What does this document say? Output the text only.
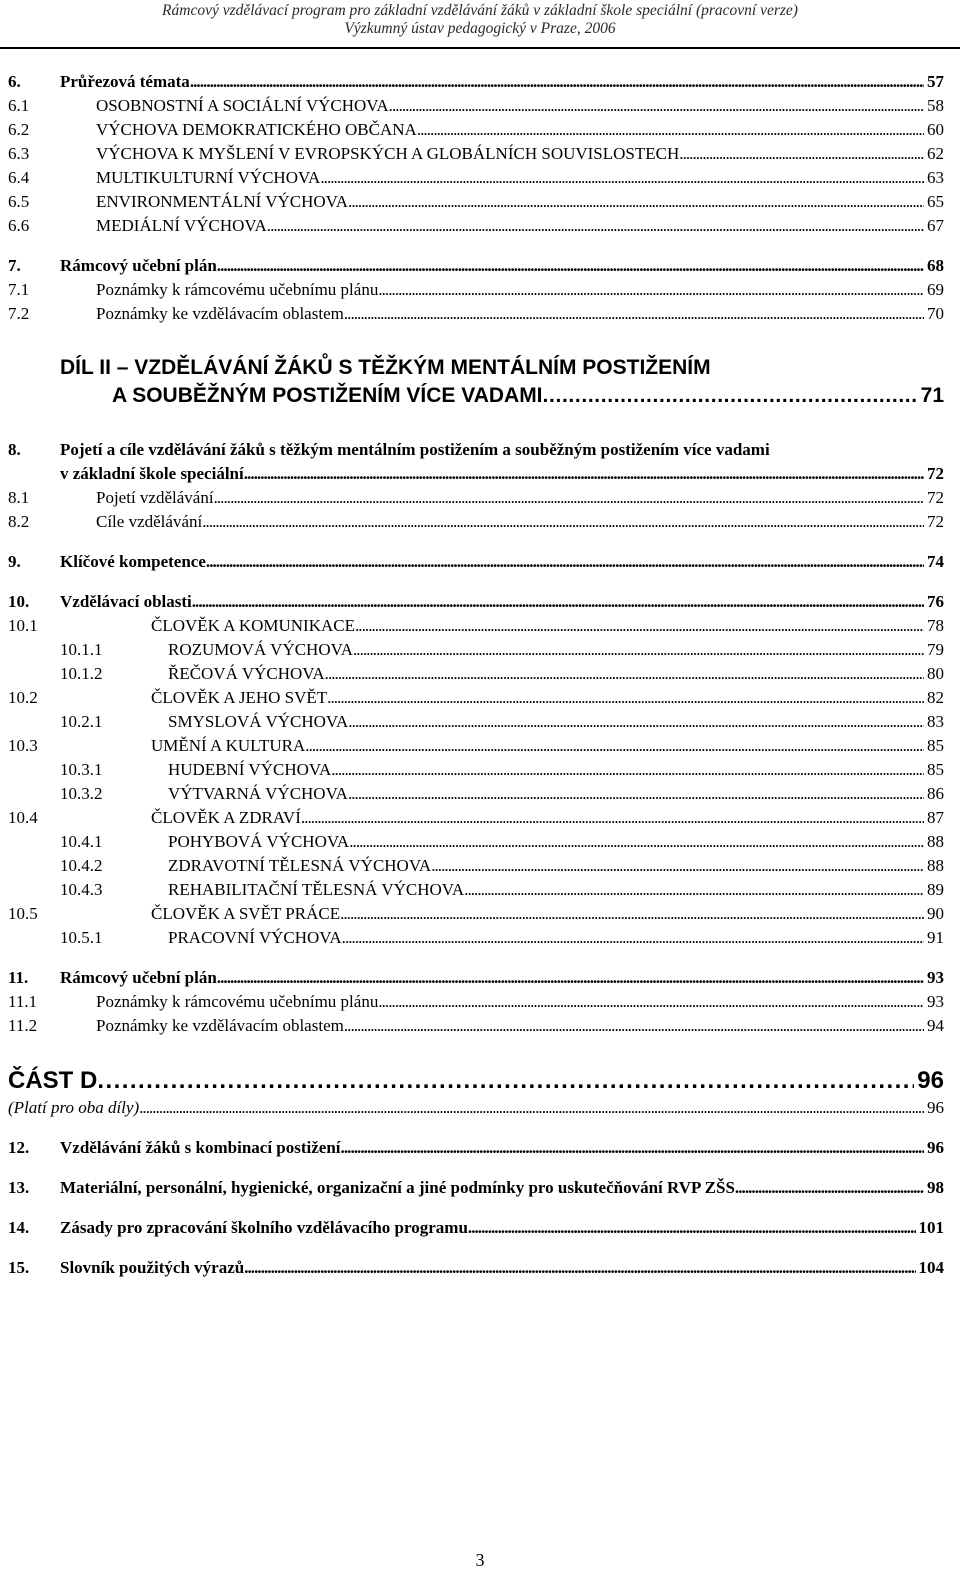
Rámcový vzdělávací program pro základní vzdělávání žáků v základní škole speciální (pracovní verze)
Výzkumný ústav pedagogický v Praze, 2006
6. Průřezová témata . . .	57
6.1	OSOBNOSTNÍ A SOCIÁLNÍ VÝCHOVA . . .	58
6.2	VÝCHOVA DEMOKRATICKÉHO OBČANA . . .	60
6.3	VÝCHOVA K MYŠLENÍ V EVROPSKÝCH A GLOBÁLNÍCH SOUVISLOSTECH . . .	62
6.4	MULTIKULTURNÍ VÝCHOVA . . .	63
6.5	ENVIRONMENTÁLNÍ VÝCHOVA . . .	65
6.6	MEDIÁLNÍ VÝCHOVA . . .	67
7. Rámcový učební plán . . .	68
7.1	Poznámky k rámcovému učebnímu plánu . . .	69
7.2	Poznámky ke vzdělávacím oblastem . . .	70
DÍL II – VZDĚLÁVÁNÍ ŽÁKŮ S TĚŽKÝM MENTÁLNÍM POSTIŽENÍM
A SOUBĚŽNÝM POSTIŽENÍM VÍCE VADAMI . . .	71
8. Pojetí a cíle vzdělávání žáků s těžkým mentálním postižením a souběžným postižením více vadami
v základní škole speciální . . .	72
8.1	Pojetí vzdělávání . . .	72
8.2	Cíle vzdělávání . . .	72
9. Klíčové kompetence . . .	74
10. Vzdělávací oblasti . . .	76
10.1	ČLOVĚK A KOMUNIKACE . . .	78
10.1.1	ROZUMOVÁ VÝCHOVA . . .	79
10.1.2	ŘEČOVÁ VÝCHOVA . . .	80
10.2	ČLOVĚK A JEHO SVĚT . . .	82
10.2.1	SMYSLOVÁ VÝCHOVA . . .	83
10.3	UMĚNÍ A KULTURA . . .	85
10.3.1	HUDEBNÍ VÝCHOVA . . .	85
10.3.2	VÝTVARNÁ VÝCHOVA . . .	86
10.4	ČLOVĚK A ZDRAVÍ . . .	87
10.4.1	POHYBOVÁ VÝCHOVA . . .	88
10.4.2	ZDRAVOTNÍ TĚLESNÁ VÝCHOVA . . .	88
10.4.3	REHABILITAČNÍ TĚLESNÁ VÝCHOVA . . .	89
10.5	ČLOVĚK A SVĚT PRÁCE . . .	90
10.5.1	PRACOVNÍ VÝCHOVA . . .	91
11. Rámcový učební plán . . .	93
11.1	Poznámky k rámcovému učebnímu plánu . . .	93
11.2	Poznámky ke vzdělávacím oblastem . . .	94
ČÁST D . . .	96
(Platí pro oba díly) . . .	96
12. Vzdělávání žáků s kombinací postižení . . .	96
13. Materiální, personální, hygienické, organizační a jiné podmínky pro uskutečňování RVP ZŠS . . .	98
14. Zásady pro zpracování školního vzdělávacího programu . . .	101
15. Slovník použitých výrazů . . .	104
3
